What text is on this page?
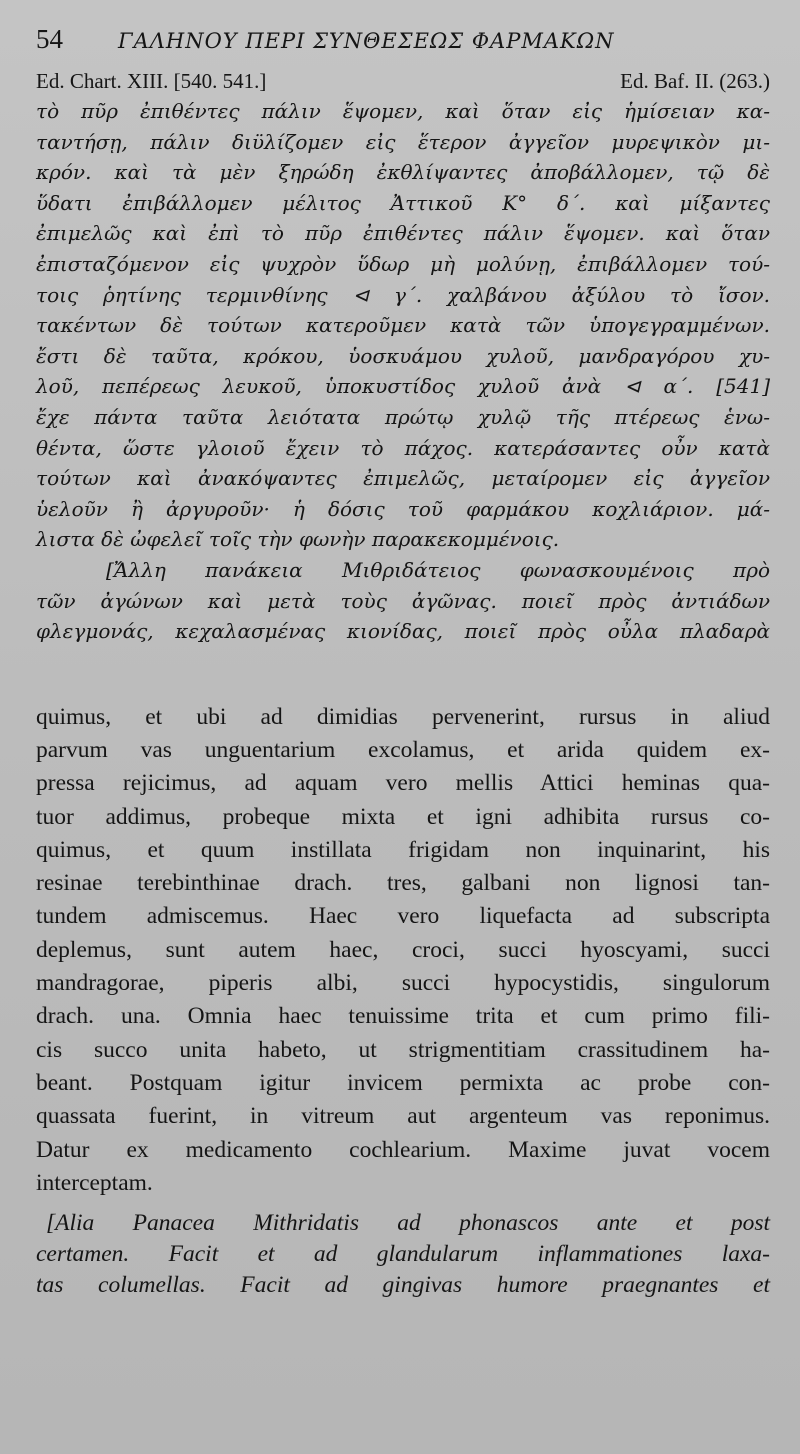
54	ΓΑΛΗΝΟΥ ΠΕΡΙ ΣΥΝΘΕΣΕΩΣ ΦΑΡΜΑΚΩΝ
Ed. Chart. XIII. [540. 541.]	Ed. Baf. II. (263.)
τὸ πῦρ ἐπιθέντες πάλιν ἕψομεν, καὶ ὅταν εἰς ἡμίσειαν κα-
ταντήσῃ, πάλιν διϋλίζομεν εἰς ἕτερον ἀγγεῖον μυρεψικὸν μι-
κρόν. καὶ τὰ μὲν ξηρώδη ἐκθλίψαντες ἀποβάλλομεν, τῷ δὲ
ὕδατι ἐπιβάλλομεν μέλιτος Ἀττικοῦ K° δ΄. καὶ μίξαντες
ἐπιμελῶς καὶ ἐπὶ τὸ πῦρ ἐπιθέντες πάλιν ἕψομεν. καὶ ὅταν
ἐπισταζόμενον εἰς ψυχρὸν ὕδωρ μὴ μολύνῃ, ἐπιβάλλομεν τού-
τοις ῥητίνης τερμινθίνης ⊲ γ΄. χαλβάνου ἀξύλου τὸ ἴσον.
τακέντων δὲ τούτων κατεροῦμεν κατὰ τῶν ὑπογεγραμμένων.
ἔστι δὲ ταῦτα, κρόκου, ὑοσκυάμου χυλοῦ, μανδραγόρου χυ-
λοῦ, πεπέρεως λευκοῦ, ὑποκυστίδος χυλοῦ ἀνὰ ⊲ α΄. [541]
ἔχε πάντα ταῦτα λειότατα πρώτῳ χυλῷ τῆς πτέρεως ἑνω-
θέντα, ὥστε γλοιοῦ ἔχειν τὸ πάχος. κατεράσαντες οὖν κατὰ
τούτων καὶ ἀνακόψαντες ἐπιμελῶς, μεταίρομεν εἰς ἀγγεῖον
ὑελοῦν ἢ ἀργυροῦν· ἡ δόσις τοῦ φαρμάκου κοχλιάριον. μά-
λιστα δὲ ὠφελεῖ τοῖς τὴν φωνὴν παρακεκομμένοις.
[Ἄλλη πανάκεια Μιθριδάτειος φωνασκουμένοις πρὸ
τῶν ἀγώνων καὶ μετὰ τοὺς ἀγῶνας. ποιεῖ πρὸς ἀντιάδων
φλεγμονάς, κεχαλασμένας κιονίδας, ποιεῖ πρὸς οὖλα πλαδαρὰ
quimus, et ubi ad dimidias pervenerint, rursus in aliud
parvum vas unguentarium excolamus, et arida quidem ex-
pressa rejicimus, ad aquam vero mellis Attici heminas qua-
tuor addimus, probeque mixta et igni adhibita rursus co-
quimus, et quum instillata frigidam non inquinarint, his
resinae terebinthinae drach. tres, galbani non lignosi tan-
tundem admiscemus. Haec vero liquefacta ad subscripta
deplemus, sunt autem haec, croci, succi hyoscyami, succi
mandragorae, piperis albi, succi hypocystidis, singulorum
drach. una. Omnia haec tenuissime trita et cum primo fili-
cis succo unita habeto, ut strigmentitiam crassitudinem ha-
beant. Postquam igitur invicem permixta ac probe con-
quassata fuerint, in vitreum aut argenteum vas reponimus.
Datur ex medicamento cochlearium. Maxime juvat vocem
interceptam.
[Alia Panacea Mithridatis ad phonascos ante et post
certamen. Facit et ad glandularum inflammationes laxa-
tas columellas. Facit ad gingivas humore praegnantes et
